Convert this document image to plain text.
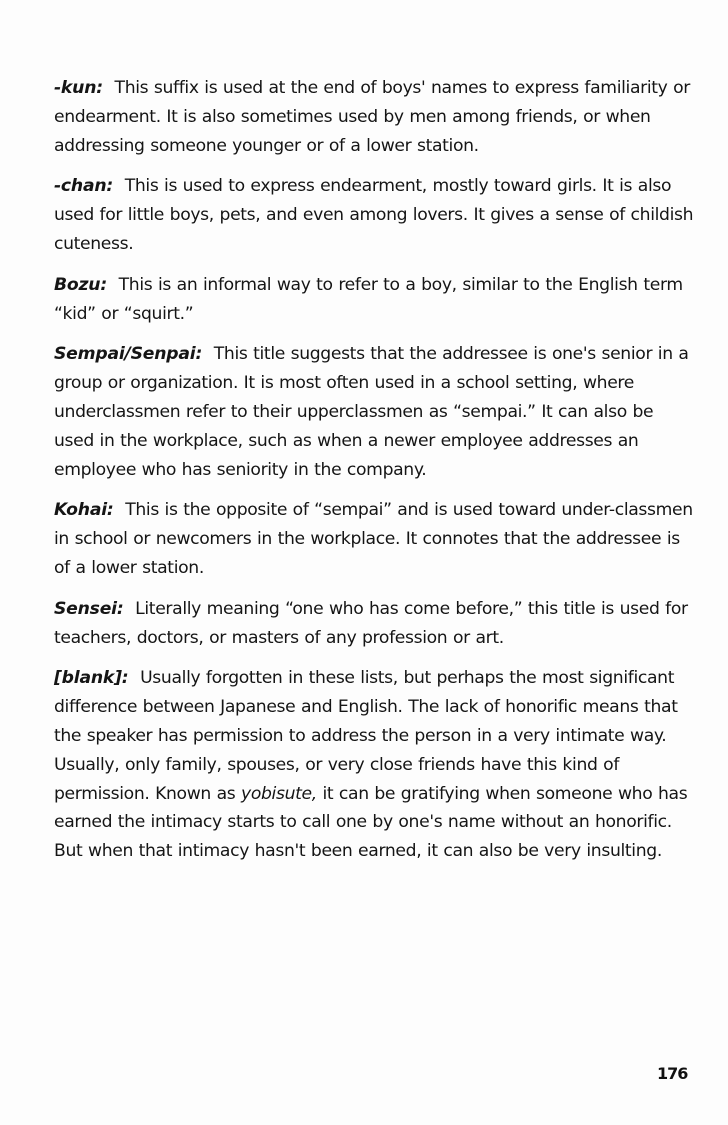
-kun: This suffix is used at the end of boys' names to express familiarity or endearment. It is also sometimes used by men among friends, or when addressing someone younger or of a lower station.

-chan: This is used to express endearment, mostly toward girls. It is also used for little boys, pets, and even among lovers. It gives a sense of childish cuteness.

Bozu: This is an informal way to refer to a boy, similar to the English term “kid” or “squirt.”

Sempai/Senpai: This title suggests that the addressee is one's senior in a group or organization. It is most often used in a school setting, where underclassmen refer to their upperclassmen as “sempai.” It can also be used in the workplace, such as when a newer employee addresses an employee who has seniority in the company.

Kohai: This is the opposite of “sempai” and is used toward under-classmen in school or newcomers in the workplace. It connotes that the addressee is of a lower station.

Sensei: Literally meaning “one who has come before,” this title is used for teachers, doctors, or masters of any profession or art.

[blank]: Usually forgotten in these lists, but perhaps the most significant difference between Japanese and English. The lack of honorific means that the speaker has permission to address the person in a very intimate way. Usually, only family, spouses, or very close friends have this kind of permission. Known as yobisute, it can be gratifying when someone who has earned the intimacy starts to call one by one's name without an honorific. But when that intimacy hasn't been earned, it can also be very insulting.

176
